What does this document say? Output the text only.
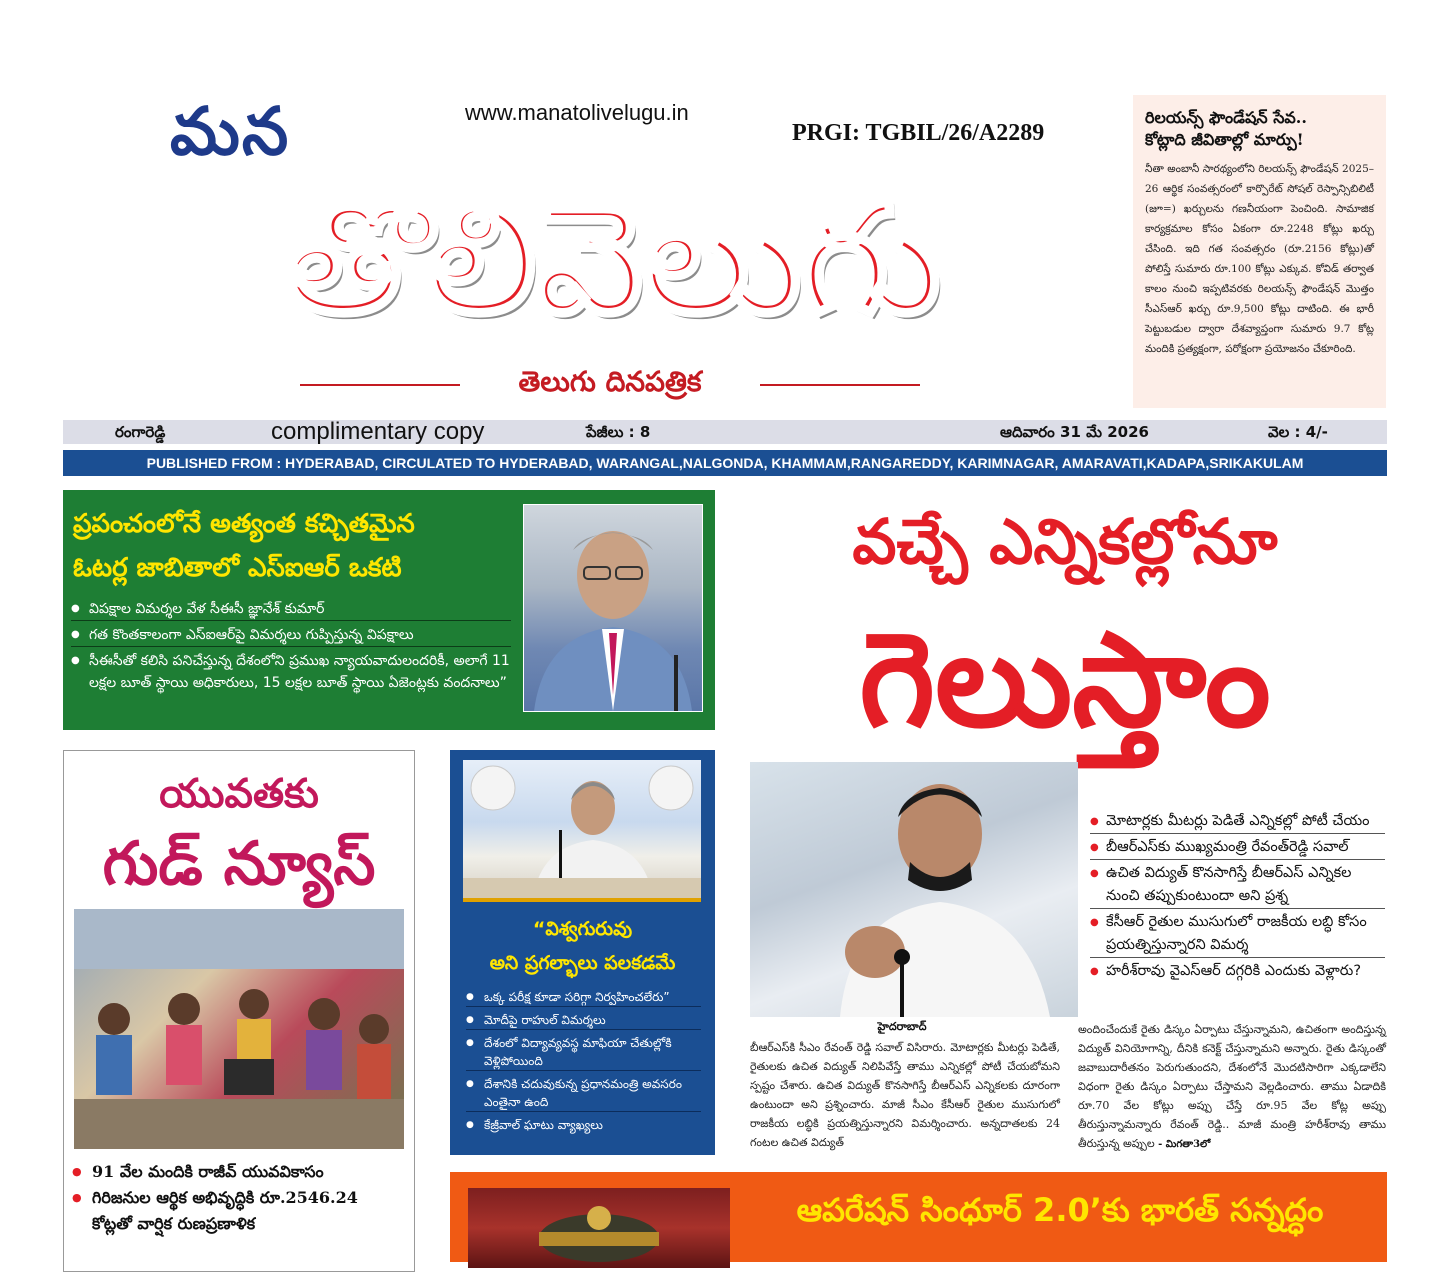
మన	www.manatolivelugu.in
PRGI: TGBIL/26/A2289
తొలివెలుగు
తెలుగు దినపత్రిక
రిలయన్స్ ఫౌండేషన్ సేవ..
కోట్లాది జీవితాల్లో మార్పు!

నీతా అంబానీ సారథ్యంలోని రిలయన్స్ ఫౌండేషన్ 2025–26 ఆర్థిక సంవత్సరంలో కార్పొరేట్ సోషల్ రెస్పాన్సిబిలిటీ (జూ=) ఖర్చులను గణనీయంగా పెంచింది. సామాజిక కార్యక్రమాల కోసం ఏకంగా రూ.2248 కోట్లు ఖర్చు చేసింది. ఇది గత సంవత్సరం (రూ.2156 కోట్లు)తో పోలిస్తే సుమారు రూ.100 కోట్లు ఎక్కువ. కోవిడ్ తర్వాత కాలం నుంచి ఇప్పటివరకు రిలయన్స్ ఫౌండేషన్ మొత్తం సీఎస్ఆర్ ఖర్చు రూ.9,500 కోట్లు దాటింది. ఈ భారీ పెట్టుబడుల ద్వారా దేశవ్యాప్తంగా సుమారు 9.7 కోట్ల మందికి ప్రత్యక్షంగా, పరోక్షంగా ప్రయోజనం చేకూరింది.

రంగారెడ్డి	complimentary copy	పేజీలు : 8	ఆదివారం 31 మే 2026	వెల : 4/-
PUBLISHED FROM : HYDERABAD, CIRCULATED TO HYDERABAD, WARANGAL,NALGONDA, KHAMMAM,RANGAREDDY, KARIMNAGAR, AMARAVATI,KADAPA,SRIKAKULAM
ప్రపంచంలోనే అత్యంత కచ్చితమైన
ఓటర్ల జాబితాలో ఎస్ఐఆర్ ఒకటి
● విపక్షాల విమర్శల వేళ సీఈసీ జ్ఞానేశ్ కుమార్
● గత కొంతకాలంగా ఎస్ఐఆర్‌పై విమర్శలు గుప్పిస్తున్న విపక్షాలు
● సీఈసీతో కలిసి పనిచేస్తున్న దేశంలోని ప్రముఖ న్యాయవాదులందరికీ, అలాగే 11 లక్షల బూత్ స్థాయి అధికారులు, 15 లక్షల బూత్ స్థాయి ఏజెంట్లకు వందనాలు”
వచ్చే ఎన్నికల్లోనూ
గెలుస్తాం
యువతకు
గుడ్ న్యూస్
● 91 వేల మందికి రాజీవ్ యువవికాసం
● గిరిజనుల ఆర్థిక అభివృద్ధికి రూ.2546.24 కోట్లతో వార్షిక రుణప్రణాళిక
“విశ్వగురువు
అని ప్రగల్భాలు పలకడమే
● ఒక్క పరీక్ష కూడా సరిగ్గా నిర్వహించలేరు”
● మోదీపై రాహుల్ విమర్శలు
● దేశంలో విద్యావ్యవస్థ మాఫియా చేతుల్లోకి వెళ్లిపోయింది
● దేశానికి చదువుకున్న ప్రధానమంత్రి అవసరం ఎంతైనా ఉంది
● కేజ్రీవాల్ ఘాటు వ్యాఖ్యలు
● మోటార్లకు మీటర్లు పెడితే ఎన్నికల్లో పోటీ చేయం
● బీఆర్ఎస్‌కు ముఖ్యమంత్రి రేవంత్‌రెడ్డి సవాల్
● ఉచిత విద్యుత్ కొనసాగిస్తే బీఆర్ఎస్ ఎన్నికల నుంచి తప్పుకుంటుందా అని ప్రశ్న
● కేసీఆర్ రైతుల ముసుగులో రాజకీయ లబ్ధి కోసం ప్రయత్నిస్తున్నారని విమర్శ
● హరీశ్‌రావు వైఎస్ఆర్ దగ్గరికి ఎందుకు వెళ్లారు?
హైదరాబాద్
బీఆర్ఎస్‌కి సీఎం రేవంత్ రెడ్డి సవాల్ విసిరారు. మోటార్లకు మీటర్లు పెడితే, రైతులకు ఉచిత విద్యుత్ నిలిపివేస్తే తాము ఎన్నికల్లో పోటీ చేయబోమని స్పష్టం చేశారు. ఉచిత విద్యుత్ కొనసాగిస్తే బీఆర్ఎస్ ఎన్నికలకు దూరంగా ఉంటుందా అని ప్రశ్నించారు. మాజీ సీఎం కేసీఆర్ రైతుల ముసుగులో రాజకీయ లబ్ధికి ప్రయత్నిస్తున్నారని విమర్శించారు. అన్నదాతలకు 24 గంటల ఉచిత విద్యుత్
అందించేందుకే రైతు డిస్కం ఏర్పాటు చేస్తున్నామని, ఉచితంగా అందిస్తున్న విద్యుత్ వినియోగాన్ని, దీనికి కనెక్ట్ చేస్తున్నామని అన్నారు. రైతు డిస్కంతో జవాబుదారీతనం పెరుగుతుందని, దేశంలోనే మొదటిసారిగా ఎక్కడాలేని విధంగా రైతు డిస్కం ఏర్పాటు చేస్తామని వెల్లడించారు. తాము ఏడాదికి రూ.70 వేల కోట్లు అప్పు చేస్తే రూ.95 వేల కోట్ల అప్పు తీరుస్తున్నామన్నారు రేవంత్ రెడ్డి.. మాజీ మంత్రి హరీశ్‌రావు తాము తీరుస్తున్న అప్పుల - మిగతా3లో
ఆపరేషన్ సింధూర్ 2.0’కు భారత్ సన్నద్ధం
